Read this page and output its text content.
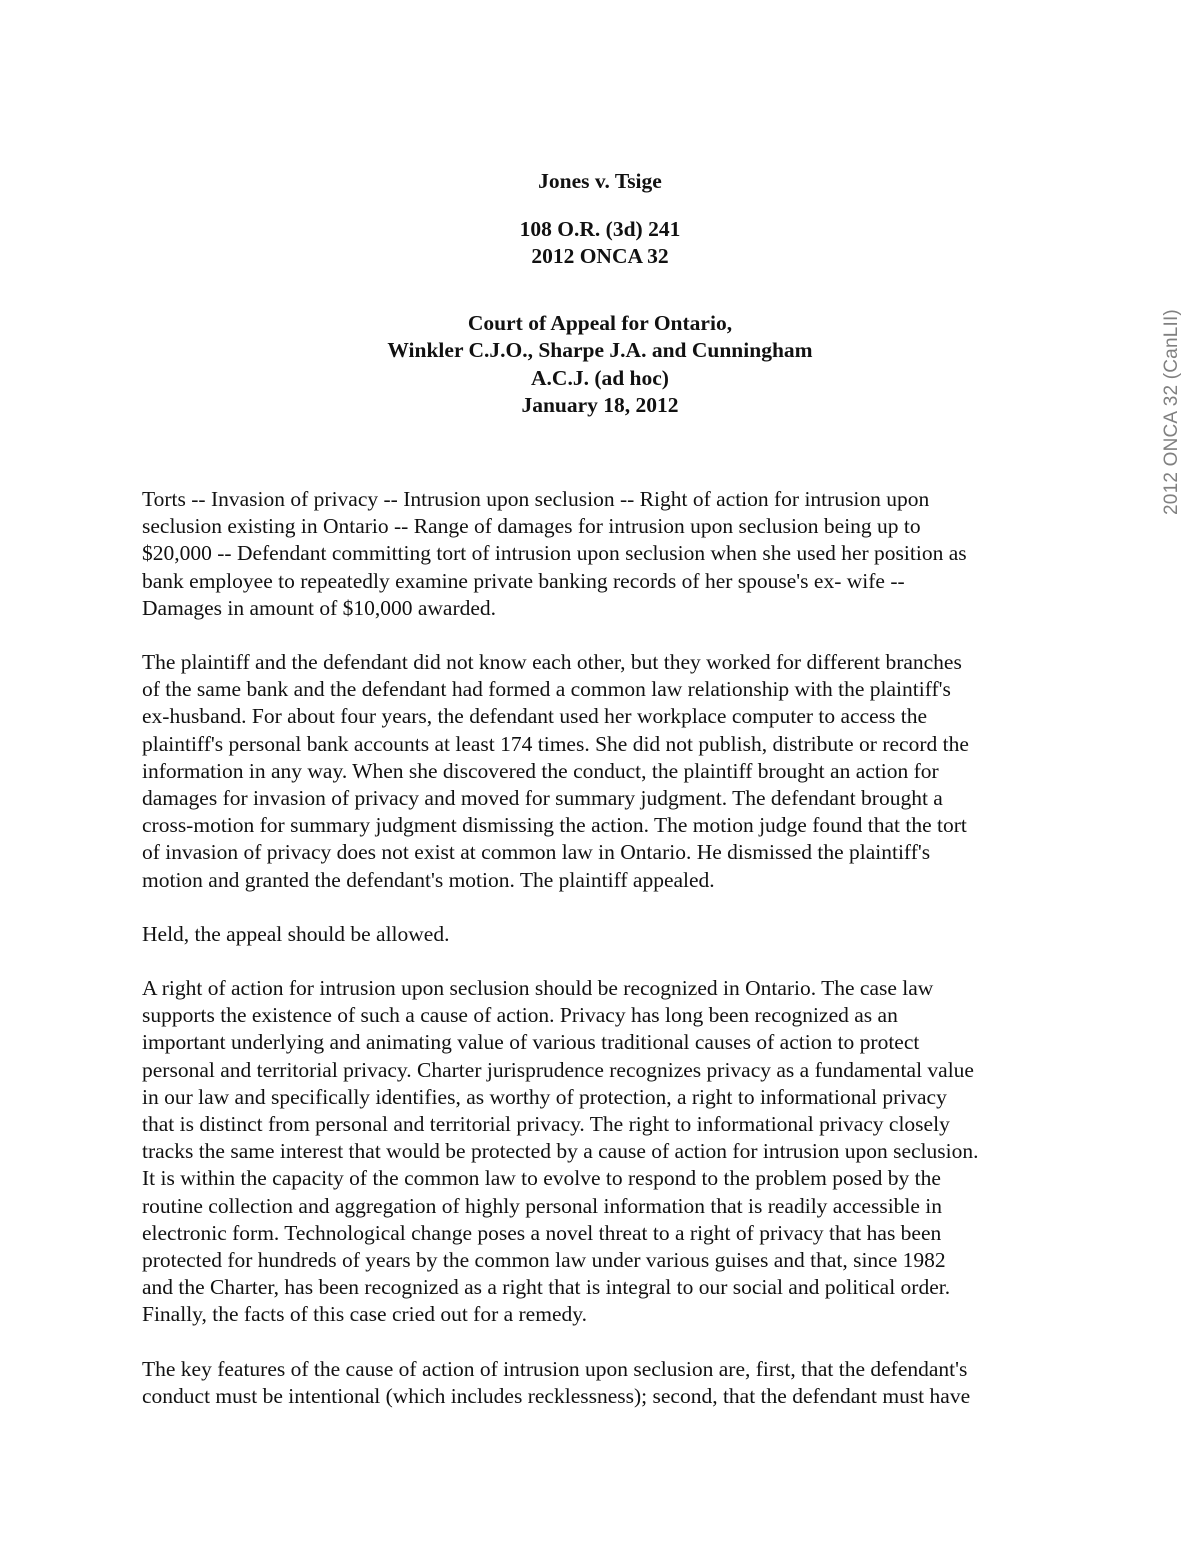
Jones v. Tsige
108 O.R. (3d) 241
2012 ONCA 32
Court of Appeal for Ontario,
Winkler C.J.O., Sharpe J.A. and Cunningham
A.C.J. (ad hoc)
January 18, 2012

Torts -- Invasion of privacy -- Intrusion upon seclusion -- Right of action for intrusion upon
seclusion existing in Ontario -- Range of damages for intrusion upon seclusion being up to
$20,000 -- Defendant committing tort of intrusion upon seclusion when she used her position as
bank employee to repeatedly examine private banking records of her spouse's ex- wife --
Damages in amount of $10,000 awarded.

The plaintiff and the defendant did not know each other, but they worked for different branches
of the same bank and the defendant had formed a common law relationship with the plaintiff's
ex-husband. For about four years, the defendant used her workplace computer to access the
plaintiff's personal bank accounts at least 174 times. She did not publish, distribute or record the
information in any way. When she discovered the conduct, the plaintiff brought an action for
damages for invasion of privacy and moved for summary judgment. The defendant brought a
cross-motion for summary judgment dismissing the action. The motion judge found that the tort
of invasion of privacy does not exist at common law in Ontario. He dismissed the plaintiff's
motion and granted the defendant's motion. The plaintiff appealed.

Held, the appeal should be allowed.

A right of action for intrusion upon seclusion should be recognized in Ontario. The case law
supports the existence of such a cause of action. Privacy has long been recognized as an
important underlying and animating value of various traditional causes of action to protect
personal and territorial privacy. Charter jurisprudence recognizes privacy as a fundamental value
in our law and specifically identifies, as worthy of protection, a right to informational privacy
that is distinct from personal and territorial privacy. The right to informational privacy closely
tracks the same interest that would be protected by a cause of action for intrusion upon seclusion.
It is within the capacity of the common law to evolve to respond to the problem posed by the
routine collection and aggregation of highly personal information that is readily accessible in
electronic form. Technological change poses a novel threat to a right of privacy that has been
protected for hundreds of years by the common law under various guises and that, since 1982
and the Charter, has been recognized as a right that is integral to our social and political order.
Finally, the facts of this case cried out for a remedy.

The key features of the cause of action of intrusion upon seclusion are, first, that the defendant's
conduct must be intentional (which includes recklessness); second, that the defendant must have

2012 ONCA 32 (CanLII)
